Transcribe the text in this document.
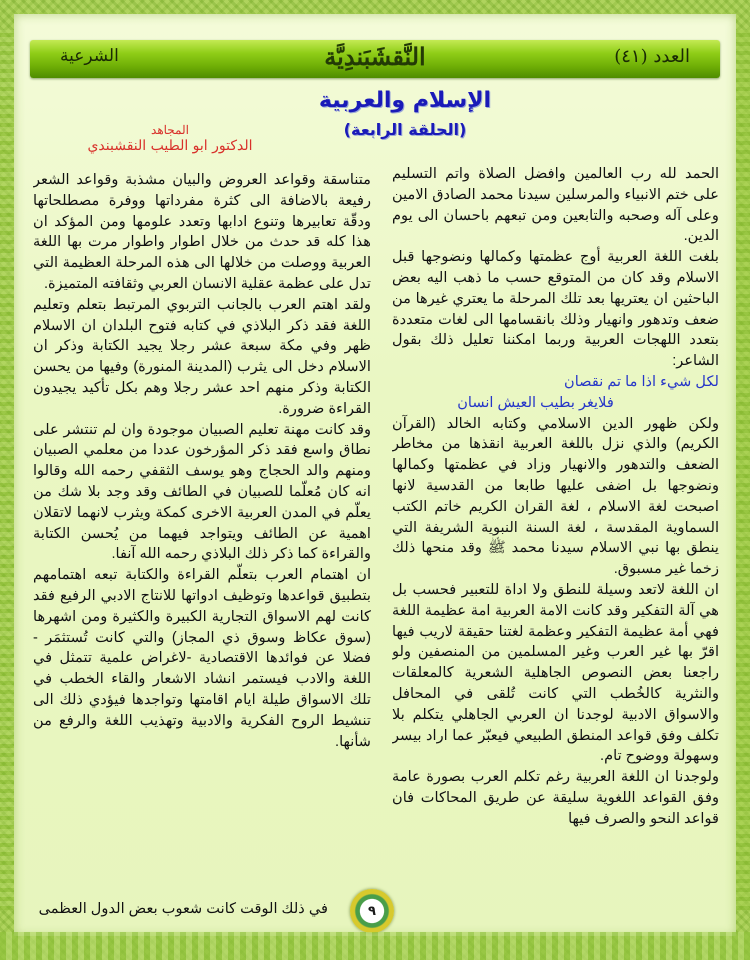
العدد (٤١)
النَّقشَبَندِيَّة
الشرعية
الإسلام والعربية
(الحلقة الرابعة)
المجاهد
الدكتور ابو الطيب النقشبندي

الحمد لله رب العالمين وافضل الصلاة واتم التسليم على ختم الانبياء والمرسلين سيدنا محمد الصادق الامين وعلى آله وصحبه والتابعين ومن تبعهم باحسان الى يوم الدين.

بلغت اللغة العربية أوج عظمتها وكمالها ونضوجها قبل الاسلام وقد كان من المتوقع حسب ما ذهب اليه بعض الباحثين ان يعتريها بعد تلك المرحلة ما يعتري غيرها من ضعف وتدهور وانهيار وذلك بانقسامها الى لغات متعددة بتعدد اللهجات العربية وربما امكننا تعليل ذلك بقول الشاعر:

لكل شيء اذا ما تم نقصان

فلايغر بطيب العيش انسان

ولكن ظهور الدين الاسلامي وكتابه الخالد (القرآن الكريم) والذي نزل باللغة العربية انقذها من مخاطر الضعف والتدهور والانهيار وزاد في عظمتها وكمالها ونضوجها بل اضفى عليها طابعا من القدسية لانها اصبحت لغة الاسلام ، لغة القران الكريم خاتم الكتب السماوية المقدسة ، لغة السنة النبوية الشريفة التي ينطق بها نبي الاسلام سيدنا محمد ﷺ وقد منحها ذلك زخما غير مسبوق.

ان اللغة لاتعد وسيلة للنطق ولا اداة للتعبير فحسب بل هي آلة التفكير وقد كانت الامة العربية امة عظيمة اللغة فهي أمة عظيمة التفكير وعظمة لغتنا حقيقة لاريب فيها اقرّ بها غير العرب وغير المسلمين من المنصفين ولو راجعنا بعض النصوص الجاهلية الشعرية كالمعلقات والنثرية كالخُطب التي كانت تُلقى في المحافل والاسواق الادبية لوجدنا ان العربي الجاهلي يتكلم بلا تكلف وفق قواعد المنطق الطبيعي فيعبّر عما اراد بيسر وسهولة ووضوح تام.

ولوجدنا ان اللغة العربية رغم تكلم العرب بصورة عامة وفق القواعد اللغوية سليقة عن طريق المحاكات فان قواعد النحو والصرف فيها

متناسقة وقواعد العروض والبيان مشذبة وقواعد الشعر رفيعة بالاضافة الى كثرة مفرداتها ووفرة مصطلحاتها ودقّة تعابيرها وتنوع ادابها وتعدد علومها ومن المؤكد ان هذا كله قد حدث من خلال اطوار واطوار مرت بها اللغة العربية ووصلت من خلالها الى هذه المرحلة العظيمة التي تدل على عظمة عقلية الانسان العربي وثقافته المتميزة.

ولقد اهتم العرب بالجانب التربوي المرتبط بتعلم وتعليم اللغة فقد ذكر البلاذي في كتابه فتوح البلدان ان الاسلام ظهر وفي مكة سبعة عشر رجلا يجيد الكتابة وذكر ان الاسلام دخل الى يثرب (المدينة المنورة) وفيها من يحسن الكتابة وذكر منهم احد عشر رجلا وهم بكل تأكيد يجيدون القراءة ضرورة.

وقد كانت مهنة تعليم الصبيان موجودة وان لم تنتشر على نطاق واسع فقد ذكر المؤرخون عددا من معلمي الصبيان ومنهم والد الحجاج وهو يوسف الثقفي رحمه الله وقالوا انه كان مُعلّما للصبيان في الطائف وقد وجد بلا شك من يعلّم في المدن العربية الاخرى كمكة ويثرب لانهما لاتقلان اهمية عن الطائف ويتواجد فيهما من يُحسن الكتابة والقراءة كما ذكر ذلك البلاذي رحمه الله آنفا.

ان اهتمام العرب بتعلّم القراءة والكتابة تبعه اهتمامهم بتطبيق قواعدها وتوظيف ادواتها للانتاج الادبي الرفيع فقد كانت لهم الاسواق التجارية الكبيرة والكثيرة ومن اشهرها (سوق عكاظ وسوق ذي المجاز) والتي كانت تُستثمَر - فضلا عن فوائدها الاقتصادية -لاغراض علمية تتمثل في اللغة والادب فيستمر انشاد الاشعار والقاء الخطب في تلك الاسواق طيلة ايام اقامتها وتواجدها فيؤدي ذلك الى تنشيط الروح الفكرية والادبية وتهذيب اللغة والرفع من شأنها.

في ذلك الوقت كانت شعوب بعض الدول العظمى	٩
